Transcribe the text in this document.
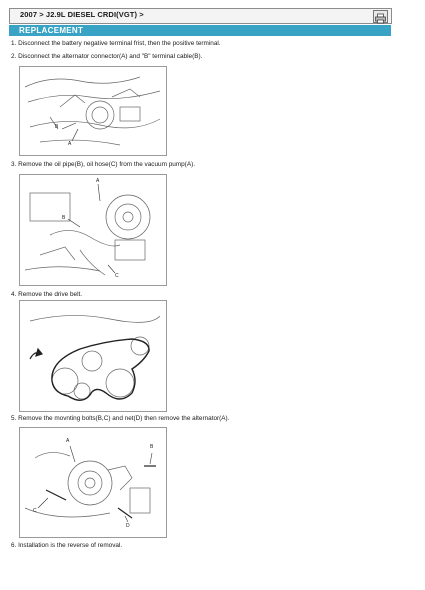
2007 > J2.9L DIESEL CRDI(VGT) >
REPLACEMENT
1. Disconnect the battery negative terminal frist, then the positive terminal.
2. Disconnect the alternator connector(A) and "B" terminal cable(B).
B
A
3. Remove the oil pipe(B), oil hose(C) from the vacuum pump(A).
A
B
C
4. Remove the drive belt.
5. Remove the movnting bolts(B,C) and net(D) then remove the alternator(A).
A
B
C
D
6. Installation is the reverse of removal.
